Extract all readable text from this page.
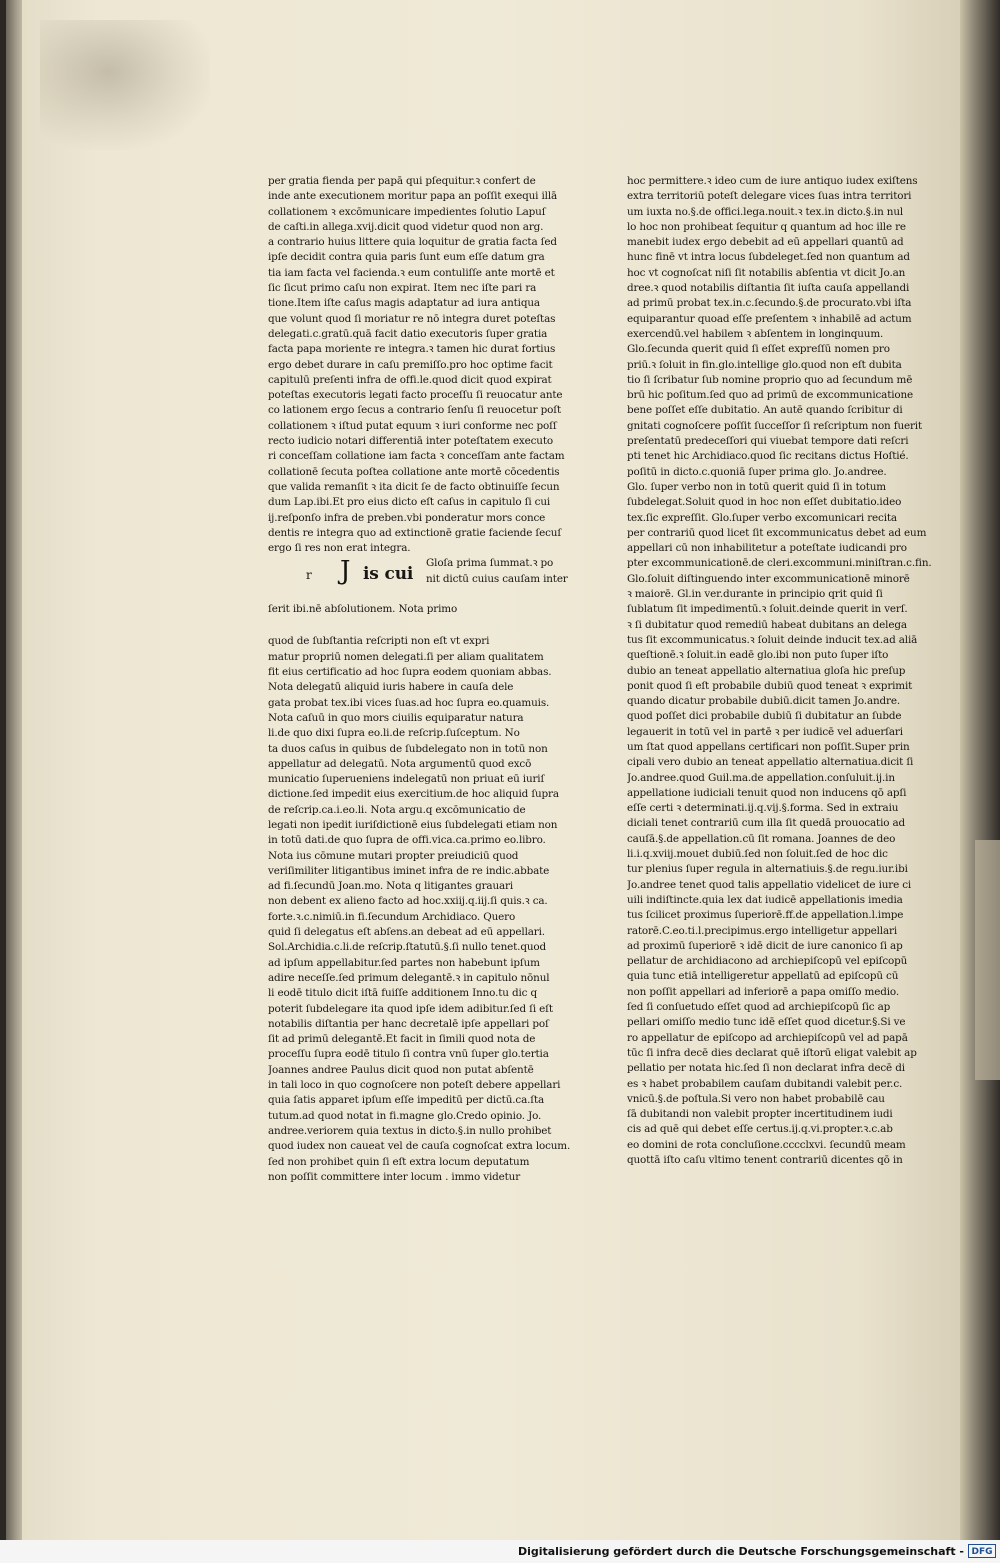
per gratia fienda per papā qui pſequitur.ꝛ confert de

inde ante executionem moritur papa an poſſit exequi illā

collationem ꝛ excōmunicare impedientes ſolutio Lapuſ

de caſti.in allega.xvij.dicit quod videtur quod non arg.

a contrario huius littere quia loquitur de gratia facta ſed

ipſe decidit contra quia paris ſunt eum eſſe datum gra

tia iam facta vel facienda.ꝛ eum contuliſſe ante mortē et

ſic ſicut primo caſu non expirat. Item nec iſte pari ra

tione.Item iſte caſus magis adaptatur ad iura antiqua

que volunt quod ſi moriatur re nō integra duret poteſtas

delegati.c.gratū.quā facit datio executoris ſuper gratia

facta papa moriente re integra.ꝛ tamen hic durat fortius

ergo debet durare in caſu premiſſo.pro hoc optime facit

capitulū preſenti infra de offi.le.quod dicit quod expirat

poteſtas executoris legati facto proceſſu ſi reuocatur ante

co lationem ergo ſecus a contrario ſenſu ſi reuocetur poſt

collationem ꝛ iſtud putat equum ꝛ iuri conforme nec poſſ

recto iudicio notari differentiā inter poteſtatem executo

ri conceſſam collatione iam facta ꝛ conceſſam ante factam

collationē ſecuta poſtea collatione ante mortē cōcedentis

que valida remanſit ꝛ ita dicit ſe de facto obtinuiſſe ſecun

dum Lap.ibi.Et pro eius dicto eſt caſus in capitulo ſi cui

ij.reſponſo infra de preben.vbi ponderatur mors conce

dentis re integra quo ad extinctionē gratie faciende ſecuſ

ergo ſi res non erat integra.

r J is cui
Gloſa prima ſummat.ꝛ po
nit dictū cuius cauſam inter
ſerit ibi.nē abſolutionem. Nota primo

quod de ſubſtantia reſcripti non eſt vt expri

matur propriū nomen delegati.ſi per aliam qualitatem

fit eius certificatio ad hoc ſupra eodem quoniam abbas.

Nota delegatū aliquid iuris habere in cauſa dele

gata probat tex.ibi vices ſuas.ad hoc ſupra eo.quamuis.

Nota caſuū in quo mors ciuilis equiparatur natura

li.de quo dixi ſupra eo.li.de reſcrip.ſuſceptum. No

ta duos caſus in quibus de ſubdelegato non in totū non

appellatur ad delegatū. Nota argumentū quod excō

municatio ſuperueniens indelegatū non priuat eū iuriſ

dictione.ſed impedit eius exercitium.de hoc aliquid ſupra

de reſcrip.ca.i.eo.li. Nota argu.q excōmunicatio de

legati non ipedit iuriſdictionē eius ſubdelegati etiam non

in totū dati.de quo ſupra de offi.vica.ca.primo eo.libro.

Nota ius cōmune mutari propter preiudiciū quod

veriſimiliter litigantibus iminet infra de re indic.abbate

ad fi.ſecundū Joan.mo. Nota q litigantes grauari

non debent ex alieno facto ad hoc.xxiij.q.iij.ſi quis.ꝛ ca.

forte.ꝛ.c.nimiū.in fi.ſecundum Archidiaco. Quero

quid ſi delegatus eſt abſens.an debeat ad eū appellari.

Sol.Archidia.c.li.de reſcrip.ſtatutū.§.ſi nullo tenet.quod

ad ipſum appellabitur.ſed partes non habebunt ipſum

adire neceſſe.ſed primum delegantē.ꝛ in capitulo nōnul

li eodē titulo dicit iſtā fuiſſe additionem Inno.tu dic q

poterit ſubdelegare ita quod ipſe idem adibitur.ſed ſi eſt

notabilis diſtantia per hanc decretalē ipſe appellari poſ

ſit ad primū delegantē.Et facit in ſimili quod nota de

proceſſu ſupra eodē titulo ſi contra vnū ſuper glo.tertia

Joannes andree Paulus dicit quod non putat abſentē

in tali loco in quo cognoſcere non poteſt debere appellari

quia ſatis apparet ipſum eſſe impeditū per dictū.ca.ſta

tutum.ad quod notat in fi.magne glo.Credo opinio. Jo.

andree.veriorem quia textus in dicto.§.in nullo prohibet

quod iudex non caueat vel de cauſa cognoſcat extra locum.

ſed non prohibet quin ſi eſt extra locum deputatum

non poſſit committere inter locum . immo videtur

hoc permittere.ꝛ ideo cum de iure antiquo iudex exiſtens

extra territoriū poteſt delegare vices ſuas intra territori

um iuxta no.§.de offici.lega.nouit.ꝛ tex.in dicto.§.in nul

lo hoc non prohibeat ſequitur q quantum ad hoc ille re

manebit iudex ergo debebit ad eū appellari quantū ad

hunc finē vt intra locus ſubdeleget.ſed non quantum ad

hoc vt cognoſcat niſi ſit notabilis abſentia vt dicit Jo.an

dree.ꝛ quod notabilis diſtantia ſit iuſta cauſa appellandi

ad primū probat tex.in.c.ſecundo.§.de procurato.vbi iſta

equiparantur quoad eſſe preſentem ꝛ inhabilē ad actum

exercendū.vel habilem ꝛ abſentem in longinquum.

Glo.ſecunda querit quid ſi eſſet expreſſū nomen pro

priū.ꝛ ſoluit in fin.glo.intellige glo.quod non eſt dubita

tio ſi ſcribatur ſub nomine proprio quo ad ſecundum mē

brū hic poſitum.ſed quo ad primū de excommunicatione

bene poſſet eſſe dubitatio. An autē quando ſcribitur di

gnitati cognoſcere poſſit ſucceſſor ſi reſcriptum non fuerit

preſentatū predeceſſori qui viuebat tempore dati reſcri

pti tenet hic Archidiaco.quod ſic recitans dictus Hoſtié.

poſitū in dicto.c.quoniā ſuper prima glo. Jo.andree.

Glo. ſuper verbo non in totū querit quid ſi in totum

ſubdelegat.Soluit quod in hoc non eſſet dubitatio.ideo

tex.ſic expreſſit. Glo.ſuper verbo excomunicari recita

per contrariū quod licet ſit excommunicatus debet ad eum

appellari cū non inhabilitetur a poteſtate iudicandi pro

pter excommunicationē.de cleri.excommuni.miniſtran.c.fin.

Glo.ſoluit diſtinguendo inter excommunicationē minorē

ꝛ maiorē. Gl.in ver.durante in principio qrit quid ſi

ſublatum ſit impedimentū.ꝛ ſoluit.deinde querit in verſ.

ꝛ ſi dubitatur quod remediū habeat dubitans an delega

tus ſit excommunicatus.ꝛ ſoluit deinde inducit tex.ad aliā

queſtionē.ꝛ ſoluit.in eadē glo.ibi non puto ſuper iſto

dubio an teneat appellatio alternatiua gloſa hic preſup

ponit quod ſi eſt probabile dubiū quod teneat ꝛ exprimit

quando dicatur probabile dubiū.dicit tamen Jo.andre.

quod poſſet dici probabile dubiū ſi dubitatur an ſubde

legauerit in totū vel in partē ꝛ per iudicē vel aduerſari

um ſtat quod appellans certificari non poſſit.Super prin

cipali vero dubio an teneat appellatio alternatiua.dicit ſi

Jo.andree.quod Guil.ma.de appellation.conſuluit.ij.in

appellatione iudiciali tenuit quod non inducens qō apſi

eſſe certi ꝛ determinati.ij.q.vij.§.forma. Sed in extraiu

diciali tenet contrariū cum illa ſit quedā prouocatio ad

cauſā.§.de appellation.cū ſit romana. Joannes de deo

li.i.q.xviij.mouet dubiū.ſed non ſoluit.ſed de hoc dic

tur plenius ſuper regula in alternatiuis.§.de regu.iur.ibi

Jo.andree tenet quod talis appellatio videlicet de iure ci

uili indiſtincte.quia lex dat iudicē appellationis imedia

tus ſcilicet proximus ſuperiorē.ff.de appellation.l.impe

ratorē.C.eo.ti.l.precipimus.ergo intelligetur appellari

ad proximū ſuperiorē ꝛ idē dicit de iure canonico ſi ap

pellatur de archidiacono ad archiepiſcopū vel epiſcopū

quia tunc etiā intelligeretur appellatū ad epiſcopū cū

non poſſit appellari ad inferiorē a papa omiſſo medio.

ſed ſi conſuetudo eſſet quod ad archiepiſcopū ſic ap

pellari omiſſo medio tunc idē eſſet quod dicetur.§.Si ve

ro appellatur de epiſcopo ad archiepiſcopū vel ad papā

tūc ſi infra decē dies declarat quē iſtorū eligat valebit ap

pellatio per notata hic.ſed ſi non declarat infra decē di

es ꝛ habet probabilem cauſam dubitandi valebit per.c.

vnicū.§.de poſtula.Si vero non habet probabilē cau

ſā dubitandi non valebit propter incertitudinem iudi

cis ad quē qui debet eſſe certus.ij.q.vi.propter.ꝛ.c.ab

eo domini de rota concluſione.cccclxvi. ſecundū meam

quottā iſto caſu vltimo tenent contrariū dicentes qō in

Digitalisierung gefördert durch die Deutsche Forschungsgemeinschaft - DFG
